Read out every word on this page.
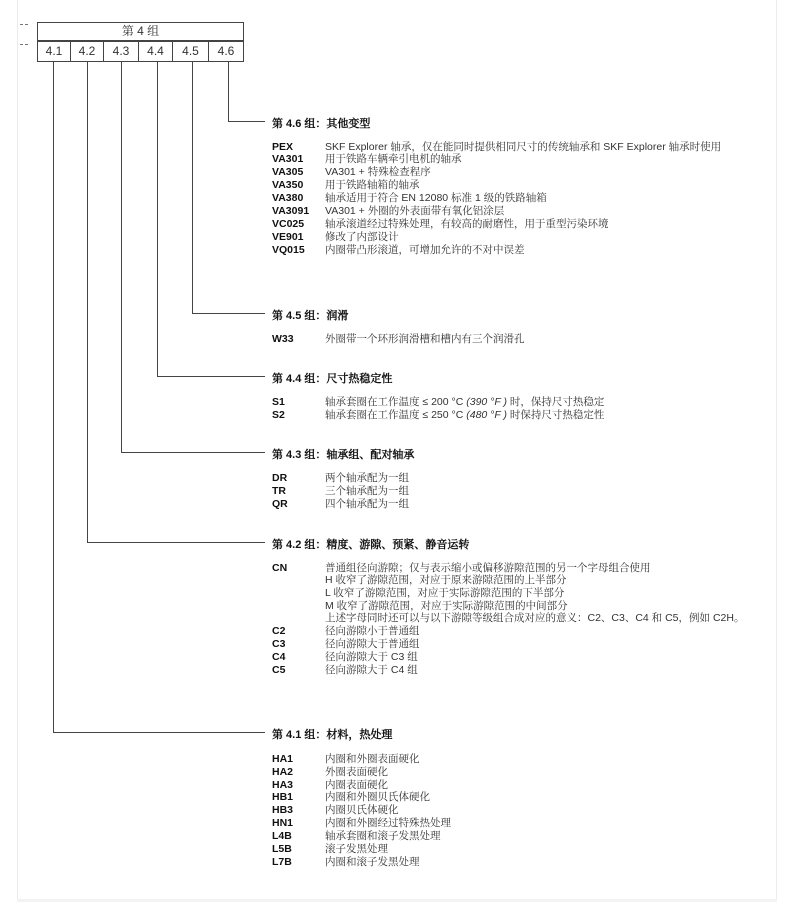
第 4 组
4.1	4.2	4.3	4.4	4.5	4.6
第 4.6 组：其他变型
PEX	SKF Explorer 轴承，仅在能同时提供相同尺寸的传统轴承和 SKF Explorer 轴承时使用
VA301 用于铁路车辆牵引电机的轴承
VA305 VA301 + 特殊检查程序
VA350 用于铁路轴箱的轴承
VA380 轴承适用于符合 EN 12080 标准 1 级的铁路轴箱
VA3091 VA301 + 外圈的外表面带有氧化铝涂层
VC025 轴承滚道经过特殊处理，有较高的耐磨性，用于重型污染环境
VE901 修改了内部设计
VQ015 内圈带凸形滚道，可增加允许的不对中误差
第 4.5 组：润滑
W33	外圈带一个环形润滑槽和槽内有三个润滑孔
第 4.4 组：尺寸热稳定性
S1	轴承套圈在工作温度 ≤ 200 °C (390 °F ) 时，保持尺寸热稳定
S2	轴承套圈在工作温度 ≤ 250 °C (480 °F ) 时保持尺寸热稳定性
第 4.3 组：轴承组、配对轴承
DR	两个轴承配为一组
TR	三个轴承配为一组
QR	四个轴承配为一组
第 4.2 组：精度、游隙、预紧、静音运转
CN	普通组径向游隙；仅与表示缩小或偏移游隙范围的另一个字母组合使用
H 收窄了游隙范围，对应于原来游隙范围的上半部分
L 收窄了游隙范围，对应于实际游隙范围的下半部分
M 收窄了游隙范围，对应于实际游隙范围的中间部分
上述字母同时还可以与以下游隙等级组合成对应的意义：C2、C3、C4 和 C5，例如 C2H。
C2	径向游隙小于普通组
C3	径向游隙大于普通组
C4	径向游隙大于 C3 组
C5	径向游隙大于 C4 组
第 4.1 组：材料，热处理
HA1	内圈和外圈表面硬化
HA2	外圈表面硬化
HA3	内圈表面硬化
HB1	内圈和外圈贝氏体硬化
HB3	内圈贝氏体硬化
HN1	内圈和外圈经过特殊热处理
L4B	轴承套圈和滚子发黑处理
L5B	滚子发黑处理
L7B	内圈和滚子发黑处理
